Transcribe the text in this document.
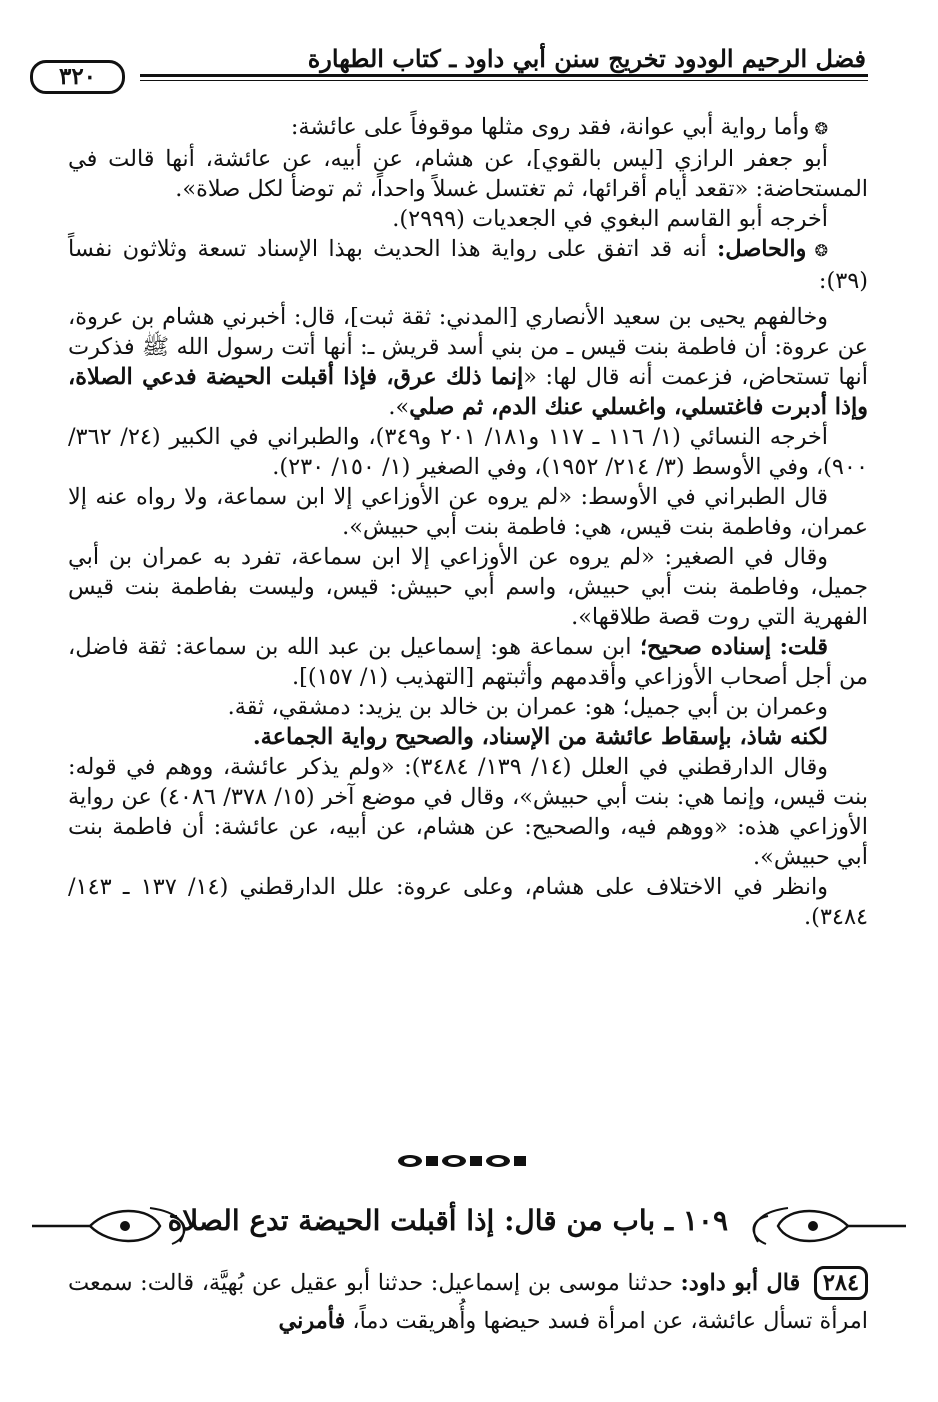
فضل الرحيم الودود تخريج سنن أبي داود ـ كتاب الطهارة
٣٢٠

❂ وأما رواية أبي عوانة، فقد روى مثلها موقوفاً على عائشة:

أبو جعفر الرازي [ليس بالقوي]، عن هشام، عن أبيه، عن عائشة، أنها قالت في المستحاضة: «تقعد أيام أقرائها، ثم تغتسل غسلاً واحداً، ثم توضأ لكل صلاة».

أخرجه أبو القاسم البغوي في الجعديات (٢٩٩٩).

❂ والحاصل: أنه قد اتفق على رواية هذا الحديث بهذا الإسناد تسعة وثلاثون نفساً (٣٩):

وخالفهم يحيى بن سعيد الأنصاري [المدني: ثقة ثبت]، قال: أخبرني هشام بن عروة، عن عروة: أن فاطمة بنت قيس ـ من بني أسد قريش ـ: أنها أتت رسول الله ﷺ فذكرت أنها تستحاض، فزعمت أنه قال لها: «إنما ذلك عرق، فإذا أقبلت الحيضة فدعي الصلاة، وإذا أدبرت فاغتسلي، واغسلي عنك الدم، ثم صلي».

أخرجه النسائي (١/ ١١٦ ـ ١١٧ و١٨١/ ٢٠١ و٣٤٩)، والطبراني في الكبير (٢٤/ ٣٦٢/ ٩٠٠)، وفي الأوسط (٣/ ٢١٤/ ١٩٥٢)، وفي الصغير (١/ ١٥٠/ ٢٣٠).

قال الطبراني في الأوسط: «لم يروه عن الأوزاعي إلا ابن سماعة، ولا رواه عنه إلا عمران، وفاطمة بنت قيس، هي: فاطمة بنت أبي حبيش».

وقال في الصغير: «لم يروه عن الأوزاعي إلا ابن سماعة، تفرد به عمران بن أبي جميل، وفاطمة بنت أبي حبيش، واسم أبي حبيش: قيس، وليست بفاطمة بنت قيس الفهرية التي روت قصة طلاقها».

قلت: إسناده صحيح؛ ابن سماعة هو: إسماعيل بن عبد الله بن سماعة: ثقة فاضل، من أجل أصحاب الأوزاعي وأقدمهم وأثبتهم [التهذيب (١/ ١٥٧)].

وعمران بن أبي جميل؛ هو: عمران بن خالد بن يزيد: دمشقي، ثقة.

لكنه شاذ، بإسقاط عائشة من الإسناد، والصحيح رواية الجماعة.

وقال الدارقطني في العلل (١٤/ ١٣٩/ ٣٤٨٤): «ولم يذكر عائشة، ووهم في قوله: بنت قيس، وإنما هي: بنت أبي حبيش»، وقال في موضع آخر (١٥/ ٣٧٨/ ٤٠٨٦) عن رواية الأوزاعي هذه: «ووهم فيه، والصحيح: عن هشام، عن أبيه، عن عائشة: أن فاطمة بنت أبي حبيش».

وانظر في الاختلاف على هشام، وعلى عروة: علل الدارقطني (١٤/ ١٣٧ ـ ١٤٣/ ٣٤٨٤).

١٠٩ ـ باب من قال: إذا أقبلت الحيضة تدع الصلاة
٢٨٤ قال أبو داود: حدثنا موسى بن إسماعيل: حدثنا أبو عقيل عن بُهيَّة، قالت: سمعت امرأة تسأل عائشة، عن امرأة فسد حيضها وأُهريقت دماً، فأمرني
